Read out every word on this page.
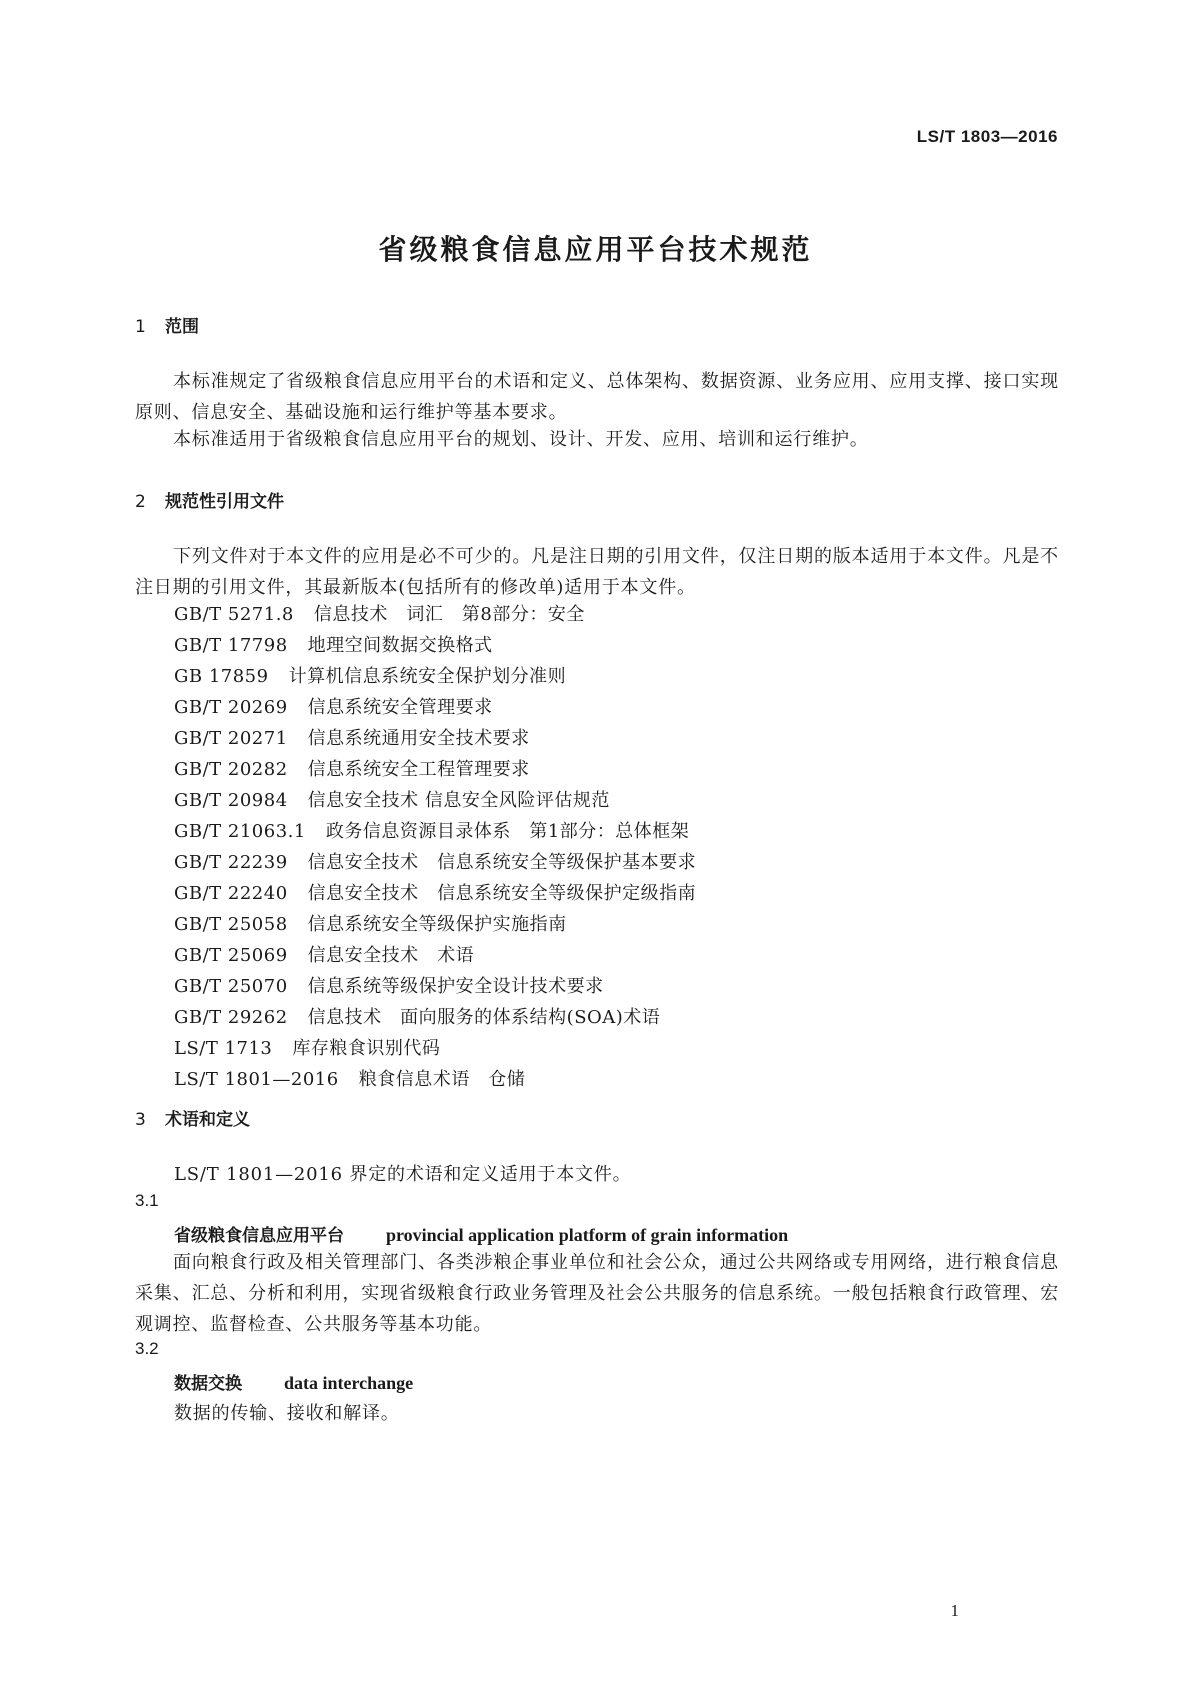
LS/T 1803—2016
省级粮食信息应用平台技术规范
1 范围
本标准规定了省级粮食信息应用平台的术语和定义、总体架构、数据资源、业务应用、应用支撑、接口实现原则、信息安全、基础设施和运行维护等基本要求。
本标准适用于省级粮食信息应用平台的规划、设计、开发、应用、培训和运行维护。
2 规范性引用文件
下列文件对于本文件的应用是必不可少的。凡是注日期的引用文件，仅注日期的版本适用于本文件。凡是不注日期的引用文件，其最新版本(包括所有的修改单)适用于本文件。
GB/T 5271.8 信息技术　词汇　第8部分：安全
GB/T 17798 地理空间数据交换格式
GB 17859 计算机信息系统安全保护划分准则
GB/T 20269 信息系统安全管理要求
GB/T 20271 信息系统通用安全技术要求
GB/T 20282 信息系统安全工程管理要求
GB/T 20984 信息安全技术 信息安全风险评估规范
GB/T 21063.1 政务信息资源目录体系　第1部分：总体框架
GB/T 22239 信息安全技术　信息系统安全等级保护基本要求
GB/T 22240 信息安全技术　信息系统安全等级保护定级指南
GB/T 25058 信息系统安全等级保护实施指南
GB/T 25069 信息安全技术　术语
GB/T 25070 信息系统等级保护安全设计技术要求
GB/T 29262 信息技术　面向服务的体系结构(SOA)术语
LS/T 1713 库存粮食识别代码
LS/T 1801—2016 粮食信息术语　仓储
3 术语和定义
LS/T 1801—2016 界定的术语和定义适用于本文件。
3.1
省级粮食信息应用平台 provincial application platform of grain information
面向粮食行政及相关管理部门、各类涉粮企事业单位和社会公众，通过公共网络或专用网络，进行粮食信息采集、汇总、分析和利用，实现省级粮食行政业务管理及社会公共服务的信息系统。一般包括粮食行政管理、宏观调控、监督检查、公共服务等基本功能。
3.2
数据交换 data interchange
数据的传输、接收和解译。
1
